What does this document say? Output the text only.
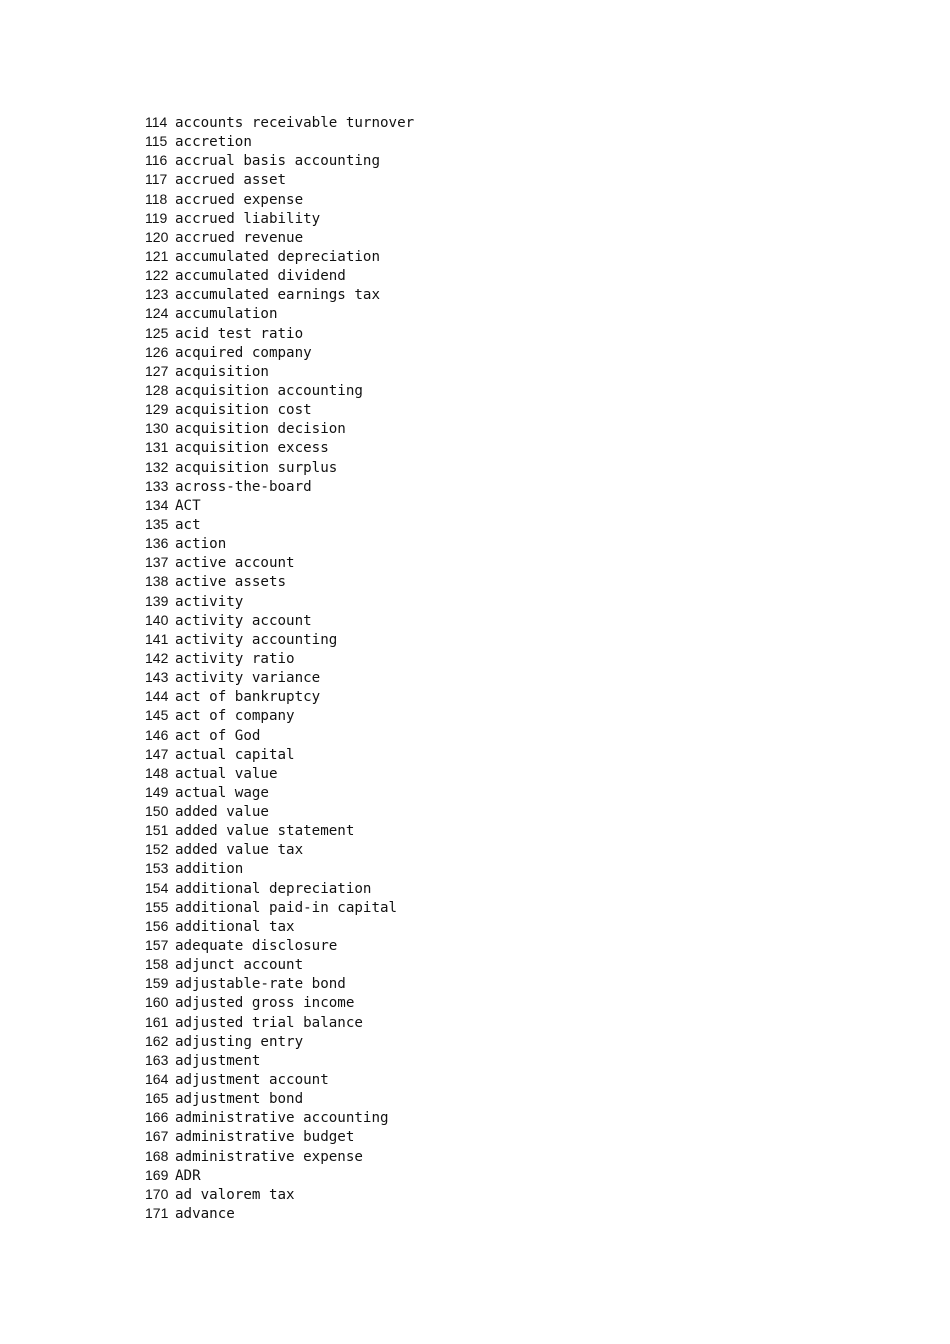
114 accounts receivable turnover
115 accretion
116 accrual basis accounting
117 accrued asset
118 accrued expense
119 accrued liability
120 accrued revenue
121 accumulated depreciation
122 accumulated dividend
123 accumulated earnings tax
124 accumulation
125 acid test ratio
126 acquired company
127 acquisition
128 acquisition accounting
129 acquisition cost
130 acquisition decision
131 acquisition excess
132 acquisition surplus
133 across-the-board
134 ACT
135 act
136 action
137 active account
138 active assets
139 activity
140 activity account
141 activity accounting
142 activity ratio
143 activity variance
144 act of bankruptcy
145 act of company
146 act of God
147 actual capital
148 actual value
149 actual wage
150 added value
151 added value statement
152 added value tax
153 addition
154 additional depreciation
155 additional paid-in capital
156 additional tax
157 adequate disclosure
158 adjunct account
159 adjustable-rate bond
160 adjusted gross income
161 adjusted trial balance
162 adjusting entry
163 adjustment
164 adjustment account
165 adjustment bond
166 administrative accounting
167 administrative budget
168 administrative expense
169 ADR
170 ad valorem tax
171 advance
